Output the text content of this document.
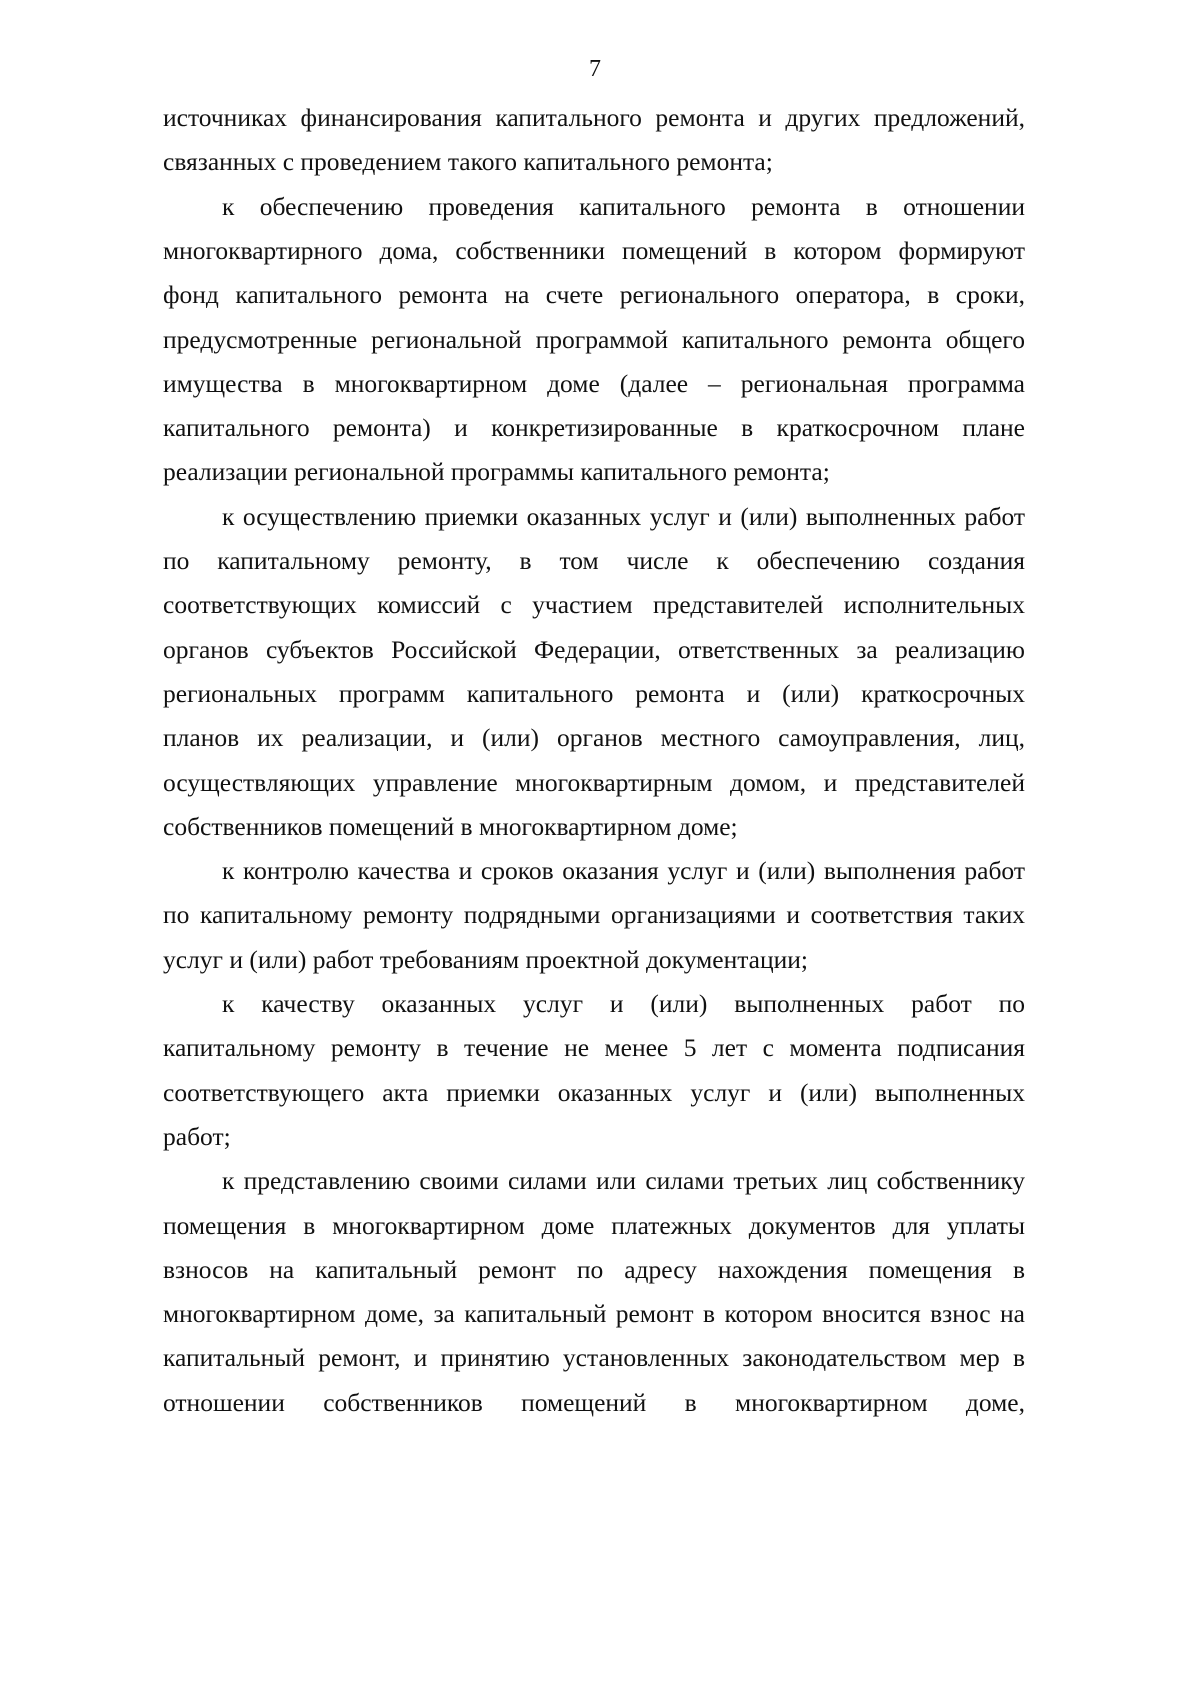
7
источниках финансирования капитального ремонта и других предложений,
связанных с проведением такого капитального ремонта;
к обеспечению проведения капитального ремонта в отношении
многоквартирного дома, собственники помещений в котором формируют
фонд капитального ремонта на счете регионального оператора, в сроки,
предусмотренные региональной программой капитального ремонта общего
имущества в многоквартирном доме (далее – региональная программа
капитального ремонта) и конкретизированные в краткосрочном плане
реализации региональной программы капитального ремонта;
к осуществлению приемки оказанных услуг и (или) выполненных работ
по капитальному ремонту, в том числе к обеспечению создания
соответствующих комиссий с участием представителей исполнительных
органов субъектов Российской Федерации, ответственных за реализацию
региональных программ капитального ремонта и (или) краткосрочных
планов их реализации, и (или) органов местного самоуправления, лиц,
осуществляющих управление многоквартирным домом, и представителей
собственников помещений в многоквартирном доме;
к контролю качества и сроков оказания услуг и (или) выполнения работ
по капитальному ремонту подрядными организациями и соответствия таких
услуг и (или) работ требованиям проектной документации;
к качеству оказанных услуг и (или) выполненных работ по
капитальному ремонту в течение не менее 5 лет с момента подписания
соответствующего акта приемки оказанных услуг и (или) выполненных
работ;
к представлению своими силами или силами третьих лиц собственнику
помещения в многоквартирном доме платежных документов для уплаты
взносов на капитальный ремонт по адресу нахождения помещения в
многоквартирном доме, за капитальный ремонт в котором вносится взнос на
капитальный ремонт, и принятию установленных законодательством мер в
отношении собственников помещений в многоквартирном доме,
